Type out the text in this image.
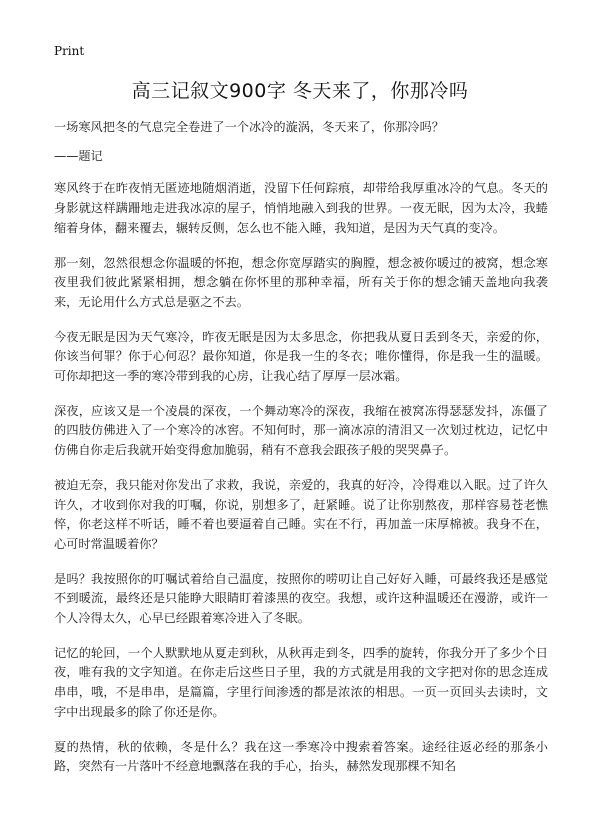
Print
高三记叙文900字 冬天来了，你那冷吗

一场寒风把冬的气息完全卷进了一个冰冷的漩涡，冬天来了，你那冷吗？

——题记

寒风终于在昨夜悄无匿迹地随烟消逝，没留下任何踪痕，却带给我厚重冰冷的气息。冬天的身影就这样蹒跚地走进我冰凉的屋子，悄悄地融入到我的世界。一夜无眠，因为太冷，我蜷缩着身体，翻来覆去，辗转反侧，怎么也不能入睡，我知道，是因为天气真的变冷。

那一刻，忽然很想念你温暖的怀抱，想念你宽厚踏实的胸膛，想念被你暖过的被窝，想念寒夜里我们彼此紧紧相拥，想念躺在你怀里的那种幸福，所有关于你的想念铺天盖地向我袭来，无论用什么方式总是驱之不去。

今夜无眠是因为天气寒冷，昨夜无眠是因为太多思念，你把我从夏日丢到冬天，亲爱的你，你该当何罪？你于心何忍？最你知道，你是我一生的冬衣；唯你懂得，你是我一生的温暖。可你却把这一季的寒冷带到我的心房，让我心结了厚厚一层冰霜。

深夜，应该又是一个凌晨的深夜，一个舞动寒冷的深夜，我缩在被窝冻得瑟瑟发抖，冻僵了的四肢仿佛进入了一个寒冷的冰窖。不知何时，那一滴冰凉的清泪又一次划过枕边，记忆中仿佛自你走后我就开始变得愈加脆弱，稍有不意我会跟孩子般的哭哭鼻子。

被迫无奈，我只能对你发出了求救，我说，亲爱的，我真的好冷，冷得难以入眠。过了许久许久，才收到你对我的叮嘱，你说，别想多了，赶紧睡。说了让你别熬夜，那样容易苍老憔悴，你老这样不听话，睡不着也要逼着自己睡。实在不行，再加盖一床厚棉被。我身不在，心可时常温暖着你？

是吗？我按照你的叮嘱试着给自己温度，按照你的唠叨让自己好好入睡，可最终我还是感觉不到暖流，最终还是只能睁大眼睛盯着漆黑的夜空。我想，或许这种温暖还在漫游，或许一个人冷得太久，心早已经跟着寒冷进入了冬眠。

记忆的轮回，一个人默默地从夏走到秋，从秋再走到冬，四季的旋转，你我分开了多少个日夜，唯有我的文字知道。在你走后这些日子里，我的方式就是用我的文字把对你的思念连成串串，哦，不是串串，是篇篇，字里行间渗透的都是浓浓的相思。一页一页回头去读时，文字中出现最多的除了你还是你。

夏的热情，秋的依赖，冬是什么？我在这一季寒冷中搜索着答案。途经往返必经的那条小路，突然有一片落叶不经意地飘落在我的手心，抬头，赫然发现那棵不知名
